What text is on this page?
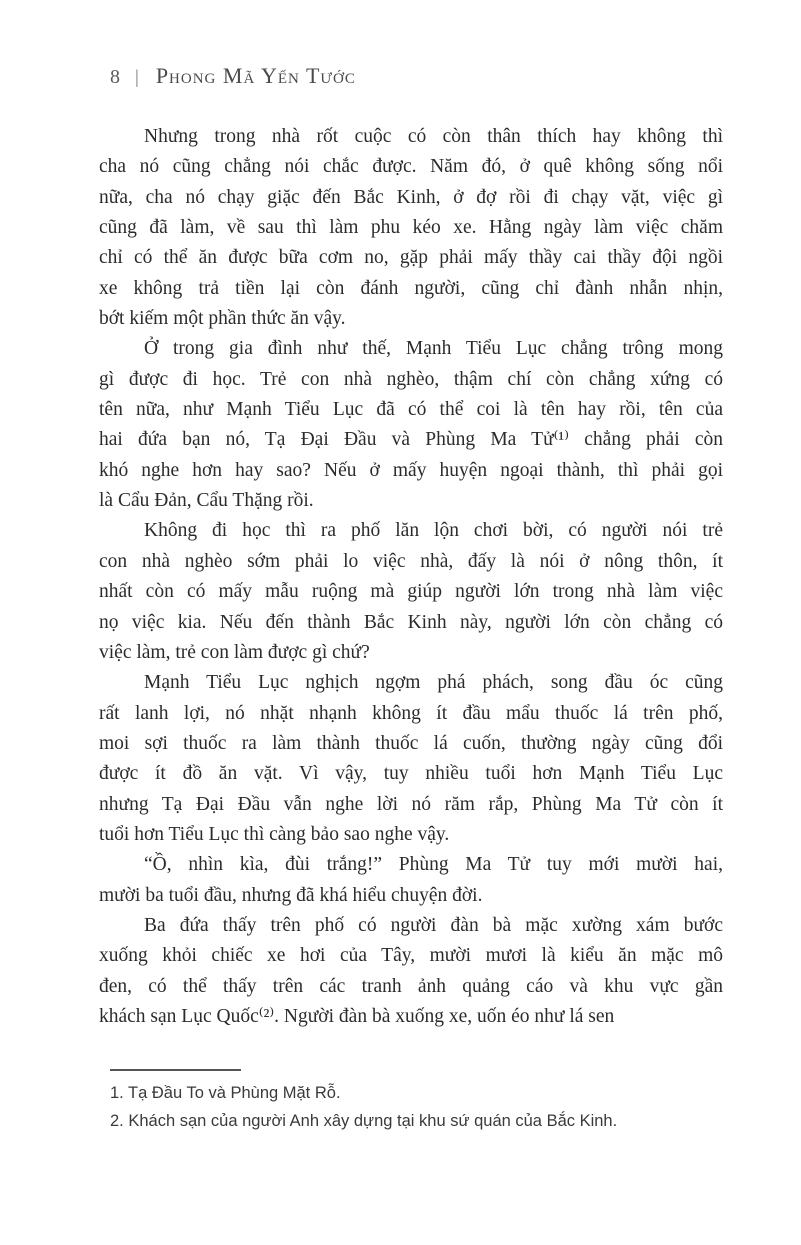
8 | Phong Mã Yến Tước
Nhưng trong nhà rốt cuộc có còn thân thích hay không thì
cha nó cũng chẳng nói chắc được. Năm đó, ở quê không sống nổi
nữa, cha nó chạy giặc đến Bắc Kinh, ở đợ rồi đi chạy vặt, việc gì
cũng đã làm, về sau thì làm phu kéo xe. Hằng ngày làm việc chăm
chỉ có thể ăn được bữa cơm no, gặp phải mấy thầy cai thầy đội ngồi
xe không trả tiền lại còn đánh người, cũng chỉ đành nhẫn nhịn,
bớt kiếm một phần thức ăn vậy.
Ở trong gia đình như thế, Mạnh Tiểu Lục chẳng trông mong
gì được đi học. Trẻ con nhà nghèo, thậm chí còn chẳng xứng có
tên nữa, như Mạnh Tiểu Lục đã có thể coi là tên hay rồi, tên của
hai đứa bạn nó, Tạ Đại Đầu và Phùng Ma Tử⁽¹⁾ chẳng phải còn
khó nghe hơn hay sao? Nếu ở mấy huyện ngoại thành, thì phải gọi
là Cẩu Đản, Cẩu Thặng rồi.
Không đi học thì ra phố lăn lộn chơi bời, có người nói trẻ
con nhà nghèo sớm phải lo việc nhà, đấy là nói ở nông thôn, ít
nhất còn có mấy mẫu ruộng mà giúp người lớn trong nhà làm việc
nọ việc kia. Nếu đến thành Bắc Kinh này, người lớn còn chẳng có
việc làm, trẻ con làm được gì chứ?
Mạnh Tiểu Lục nghịch ngợm phá phách, song đầu óc cũng
rất lanh lợi, nó nhặt nhạnh không ít đầu mẩu thuốc lá trên phố,
moi sợi thuốc ra làm thành thuốc lá cuốn, thường ngày cũng đổi
được ít đồ ăn vặt. Vì vậy, tuy nhiều tuổi hơn Mạnh Tiểu Lục
nhưng Tạ Đại Đầu vẫn nghe lời nó răm rắp, Phùng Ma Tử còn ít
tuổi hơn Tiểu Lục thì càng bảo sao nghe vậy.
“Ồ, nhìn kìa, đùi trắng!” Phùng Ma Tử tuy mới mười hai,
mười ba tuổi đầu, nhưng đã khá hiểu chuyện đời.
Ba đứa thấy trên phố có người đàn bà mặc xường xám bước
xuống khỏi chiếc xe hơi của Tây, mười mươi là kiểu ăn mặc mô
đen, có thể thấy trên các tranh ảnh quảng cáo và khu vực gần
khách sạn Lục Quốc⁽²⁾. Người đàn bà xuống xe, uốn éo như lá sen
1. Tạ Đầu To và Phùng Mặt Rỗ.
2. Khách sạn của người Anh xây dựng tại khu sứ quán của Bắc Kinh.
